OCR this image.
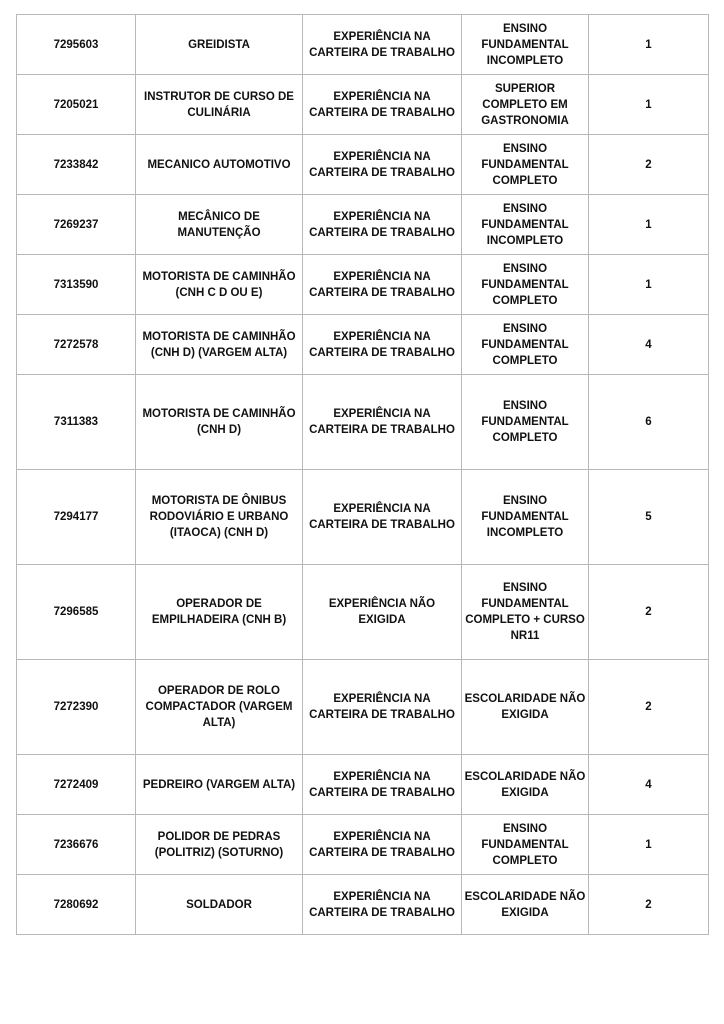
7295603	GREIDISTA	EXPERIÊNCIA NA CARTEIRA DE TRABALHO	ENSINO FUNDAMENTAL INCOMPLETO	1
7205021	INSTRUTOR DE CURSO DE CULINÁRIA	EXPERIÊNCIA NA CARTEIRA DE TRABALHO	SUPERIOR COMPLETO EM GASTRONOMIA	1
7233842	MECANICO AUTOMOTIVO	EXPERIÊNCIA NA CARTEIRA DE TRABALHO	ENSINO FUNDAMENTAL COMPLETO	2
7269237	MECÂNICO DE MANUTENÇÃO	EXPERIÊNCIA NA CARTEIRA DE TRABALHO	ENSINO FUNDAMENTAL INCOMPLETO	1
7313590	MOTORISTA DE CAMINHÃO (CNH C D OU E)	EXPERIÊNCIA NA CARTEIRA DE TRABALHO	ENSINO FUNDAMENTAL COMPLETO	1
7272578	MOTORISTA DE CAMINHÃO (CNH D) (VARGEM ALTA)	EXPERIÊNCIA NA CARTEIRA DE TRABALHO	ENSINO FUNDAMENTAL COMPLETO	4
7311383	MOTORISTA DE CAMINHÃO (CNH D)	EXPERIÊNCIA NA CARTEIRA DE TRABALHO	ENSINO FUNDAMENTAL COMPLETO	6
7294177	MOTORISTA DE ÔNIBUS RODOVIÁRIO E URBANO (ITAOCA) (CNH D)	EXPERIÊNCIA NA CARTEIRA DE TRABALHO	ENSINO FUNDAMENTAL INCOMPLETO	5
7296585	OPERADOR DE EMPILHADEIRA (CNH B)	EXPERIÊNCIA NÃO EXIGIDA	ENSINO FUNDAMENTAL COMPLETO + CURSO NR11	2
7272390	OPERADOR DE ROLO COMPACTADOR (VARGEM ALTA)	EXPERIÊNCIA NA CARTEIRA DE TRABALHO	ESCOLARIDADE NÃO EXIGIDA	2
7272409	PEDREIRO (VARGEM ALTA)	EXPERIÊNCIA NA CARTEIRA DE TRABALHO	ESCOLARIDADE NÃO EXIGIDA	4
7236676	POLIDOR DE PEDRAS (POLITRIZ) (SOTURNO)	EXPERIÊNCIA NA CARTEIRA DE TRABALHO	ENSINO FUNDAMENTAL COMPLETO	1
7280692	SOLDADOR	EXPERIÊNCIA NA CARTEIRA DE TRABALHO	ESCOLARIDADE NÃO EXIGIDA	2
